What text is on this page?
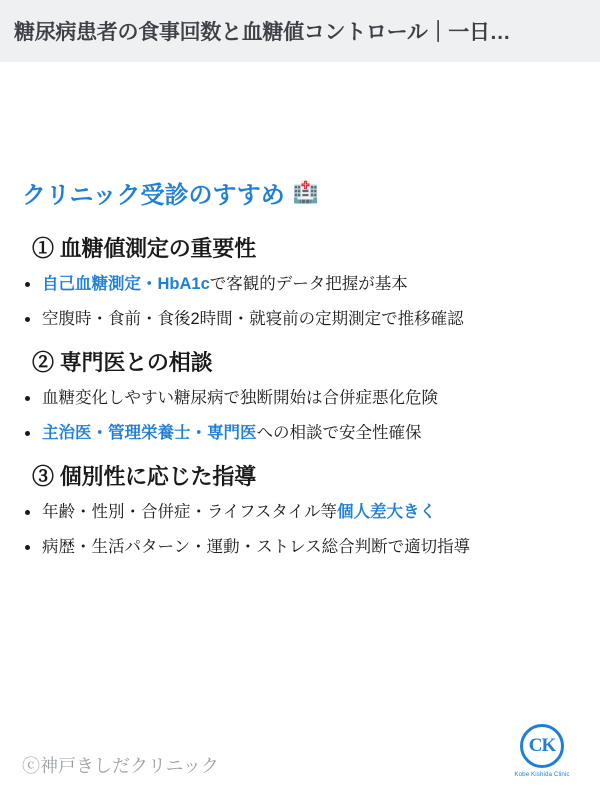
糖尿病患者の食事回数と血糖値コントロール｜一日…
クリニック受診のすすめ 🏥
① 血糖値測定の重要性
自己血糖測定・HbA1cで客観的データ把握が基本
空腹時・食前・食後2時間・就寝前の定期測定で推移確認
② 専門医との相談
血糖変化しやすい糖尿病で独断開始は合併症悪化危険
主治医・管理栄養士・専門医への相談で安全性確保
③ 個別性に応じた指導
年齢・性別・合併症・ライフスタイル等個人差大きく
病歴・生活パターン・運動・ストレス総合判断で適切指導
ⓒ神戸きしだクリニック
CK
Kobe Kishida Clinic
